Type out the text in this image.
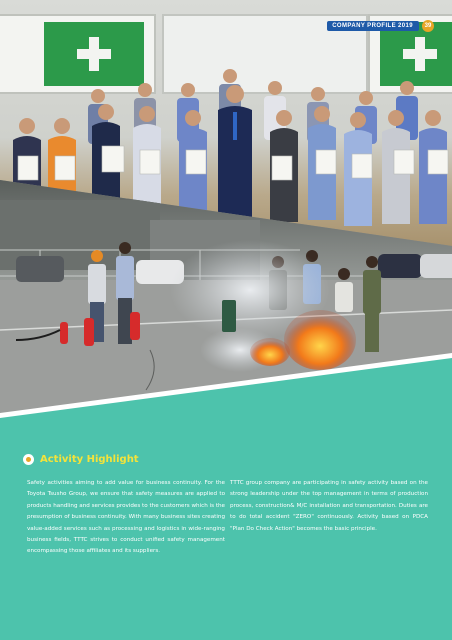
COMPANY PROFILE 2019	39
Activity Highlight
Safety activities aiming to add value for business continuity. For the Toyota Tsusho Group, we ensure that safety measures are applied to products handling and services provides to the customers which is the presumption of business continuity. With many business sites creating value-added services such as processing and logistics in wide-ranging business fields, TTTC strives to conduct unified safety management encompassing those affiliates and its suppliers.
TTTC group company are participating in safety activity based on the strong leadership under the top management in terms of production process, construction& M/C installation and transportation. Duties are to do total accident "ZERO" continuously. Activity based on PDCA "Plan Do Check Action" becomes the basic principle.
